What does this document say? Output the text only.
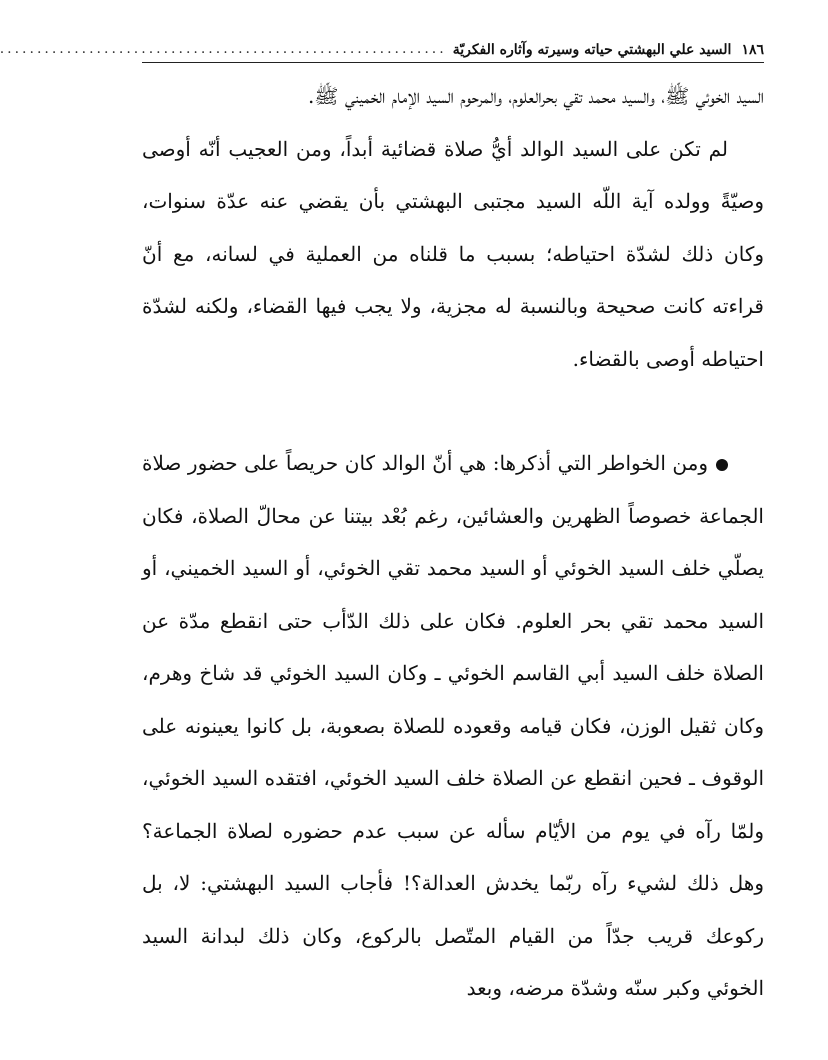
١٨٦
السيد علي البهشتي حياته وسيرته وآثاره الفكريّة
............................................................

السيد الخوئي ﷺ، والسيد محمد تقي بحرالعلوم، والمرحوم السيد الإمام الخميني ﷺ.

لم تكن على السيد الوالد أيُّ صلاة قضائية أبداً، ومن العجيب أنّه أوصى وصيّةً وولده آية اللّه السيد مجتبى البهشتي بأن يقضي عنه عدّة سنوات، وكان ذلك لشدّة احتياطه؛ بسبب ما قلناه من العملية في لسانه، مع أنّ قراءته كانت صحيحة وبالنسبة له مجزية، ولا يجب فيها القضاء، ولكنه لشدّة احتياطه أوصى بالقضاء.

ومن الخواطر التي أذكرها: هي أنّ الوالد كان حريصاً على حضور صلاة الجماعة خصوصاً الظهرين والعشائين، رغم بُعْد بيتنا عن محالّ الصلاة، فكان يصلّي خلف السيد الخوئي أو السيد محمد تقي الخوئي، أو السيد الخميني، أو السيد محمد تقي بحر العلوم. فكان على ذلك الدّأب حتى انقطع مدّة عن الصلاة خلف السيد أبي القاسم الخوئي ـ وكان السيد الخوئي قد شاخ وهرم، وكان ثقيل الوزن، فكان قيامه وقعوده للصلاة بصعوبة، بل كانوا يعينونه على الوقوف ـ فحين انقطع عن الصلاة خلف السيد الخوئي، افتقده السيد الخوئي، ولمّا رآه في يوم من الأيّام سأله عن سبب عدم حضوره لصلاة الجماعة؟ وهل ذلك لشيء رآه ربّما يخدش العدالة؟! فأجاب السيد البهشتي: لا، بل ركوعك قريب جدّاً من القيام المتّصل بالركوع، وكان ذلك لبدانة السيد الخوئي وكبر سنّه وشدّة مرضه، وبعد
